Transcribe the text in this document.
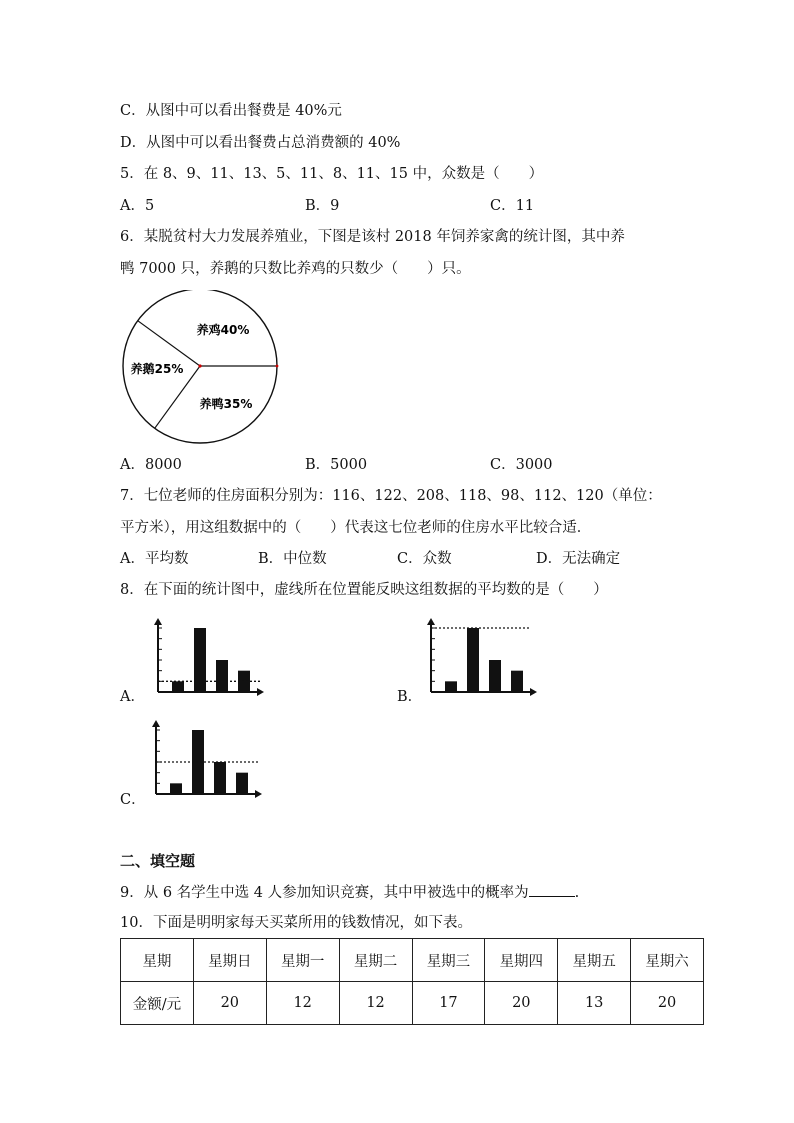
C．从图中可以看出餐费是 40%元
D．从图中可以看出餐费占总消费额的 40%
5．在 8、9、11、13、5、11、8、11、15 中，众数是（　　）
A．5	B．9	C．11
6．某脱贫村大力发展养殖业，下图是该村 2018 年饲养家禽的统计图，其中养
鸭 7000 只，养鹅的只数比养鸡的只数少（　　）只。
养鸡40%
养鹅25%
养鸭35%
A．8000	B．5000	C．3000
7．七位老师的住房面积分别为：116、122、208、118、98、112、120（单位：
平方米），用这组数据中的（　　）代表这七位老师的住房水平比较合适．
A．平均数	B．中位数	C．众数	D．无法确定
8．在下面的统计图中，虚线所在位置能反映这组数据的平均数的是（　　）
A．	B．
C．
二、填空题
9．从 6 名学生中选 4 人参加知识竞赛，其中甲被选中的概率为	.
10．下面是明明家每天买菜所用的钱数情况，如下表。
星期	星期日	星期一	星期二	星期三	星期四	星期五	星期六
金额/元	20	12	12	17	20	13	20
